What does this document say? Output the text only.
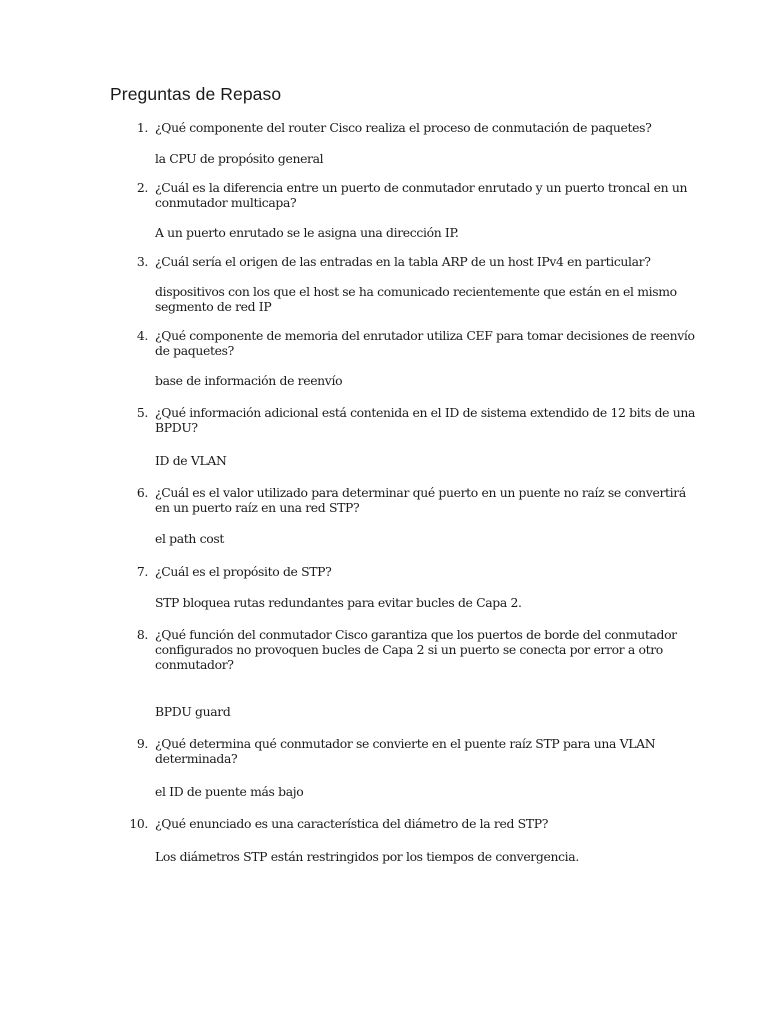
Preguntas de Repaso
1. ¿Qué componente del router Cisco realiza el proceso de conmutación de paquetes?

la CPU de propósito general

2. ¿Cuál es la diferencia entre un puerto de conmutador enrutado y un puerto troncal en un conmutador multicapa?

A un puerto enrutado se le asigna una dirección IP.

3. ¿Cuál sería el origen de las entradas en la tabla ARP de un host IPv4 en particular?

dispositivos con los que el host se ha comunicado recientemente que están en el mismo segmento de red IP

4. ¿Qué componente de memoria del enrutador utiliza CEF para tomar decisiones de reenvío de paquetes?

base de información de reenvío

5. ¿Qué información adicional está contenida en el ID de sistema extendido de 12 bits de una BPDU?

ID de VLAN

6. ¿Cuál es el valor utilizado para determinar qué puerto en un puente no raíz se convertirá en un puerto raíz en una red STP?

el path cost

7. ¿Cuál es el propósito de STP?

STP bloquea rutas redundantes para evitar bucles de Capa 2.

8. ¿Qué función del conmutador Cisco garantiza que los puertos de borde del conmutador configurados no provoquen bucles de Capa 2 si un puerto se conecta por error a otro conmutador?

BPDU guard

9. ¿Qué determina qué conmutador se convierte en el puente raíz STP para una VLAN determinada?

el ID de puente más bajo

10. ¿Qué enunciado es una característica del diámetro de la red STP?

Los diámetros STP están restringidos por los tiempos de convergencia.
